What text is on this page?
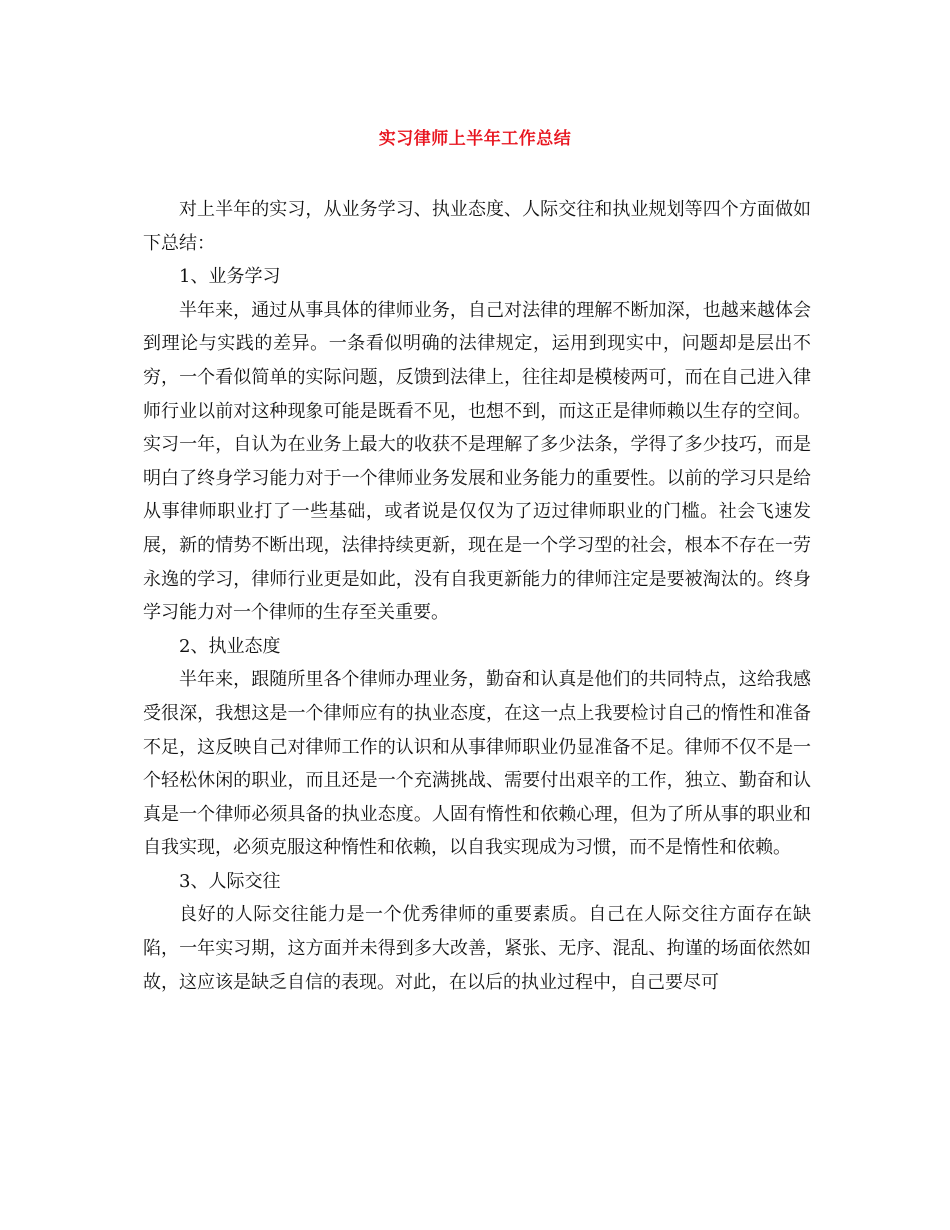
实习律师上半年工作总结

对上半年的实习，从业务学习、执业态度、人际交往和执业规划等四个方面做如下总结：

1、业务学习

半年来，通过从事具体的律师业务，自己对法律的理解不断加深，也越来越体会到理论与实践的差异。一条看似明确的法律规定，运用到现实中，问题却是层出不穷，一个看似简单的实际问题，反馈到法律上，往往却是模棱两可，而在自己进入律师行业以前对这种现象可能是既看不见，也想不到，而这正是律师赖以生存的空间。实习一年，自认为在业务上最大的收获不是理解了多少法条，学得了多少技巧，而是明白了终身学习能力对于一个律师业务发展和业务能力的重要性。以前的学习只是给从事律师职业打了一些基础，或者说是仅仅为了迈过律师职业的门槛。社会飞速发展，新的情势不断出现，法律持续更新，现在是一个学习型的社会，根本不存在一劳永逸的学习，律师行业更是如此，没有自我更新能力的律师注定是要被淘汰的。终身学习能力对一个律师的生存至关重要。

2、执业态度

半年来，跟随所里各个律师办理业务，勤奋和认真是他们的共同特点，这给我感受很深，我想这是一个律师应有的执业态度，在这一点上我要检讨自己的惰性和准备不足，这反映自己对律师工作的认识和从事律师职业仍显准备不足。律师不仅不是一个轻松休闲的职业，而且还是一个充满挑战、需要付出艰辛的工作，独立、勤奋和认真是一个律师必须具备的执业态度。人固有惰性和依赖心理，但为了所从事的职业和自我实现，必须克服这种惰性和依赖，以自我实现成为习惯，而不是惰性和依赖。

3、人际交往

良好的人际交往能力是一个优秀律师的重要素质。自己在人际交往方面存在缺陷，一年实习期，这方面并未得到多大改善，紧张、无序、混乱、拘谨的场面依然如故，这应该是缺乏自信的表现。对此，在以后的执业过程中，自己要尽可
